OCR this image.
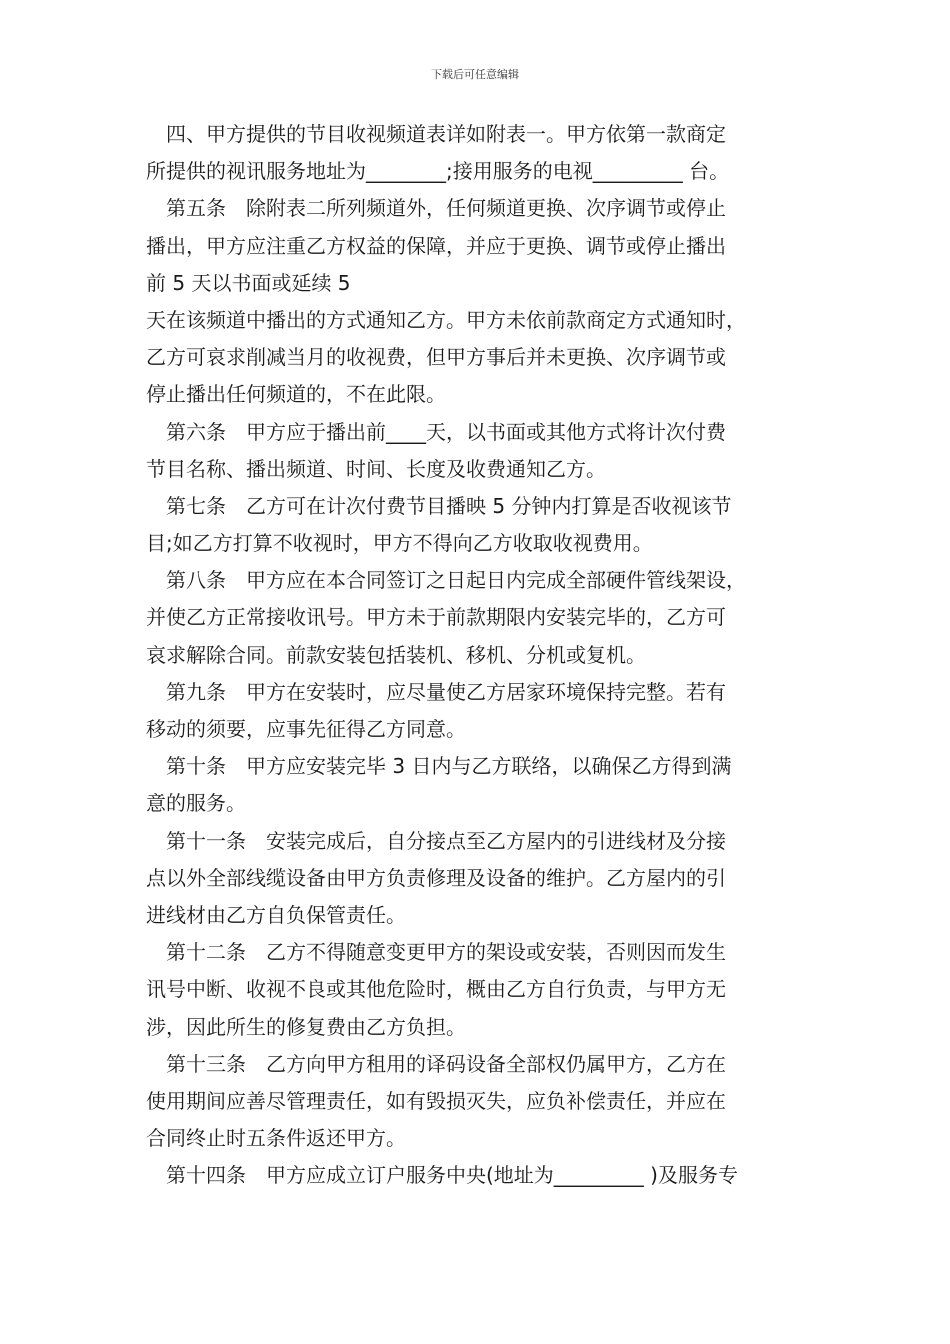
下载后可任意编辑
　四、甲方提供的节目收视频道表详如附表一。甲方依第一款商定
所提供的视讯服务地址为________;接用服务的电视_________ 台。
　第五条　除附表二所列频道外，任何频道更换、次序调节或停止
播出，甲方应注重乙方权益的保障，并应于更换、调节或停止播出
前 5 天以书面或延续 5
天在该频道中播出的方式通知乙方。甲方未依前款商定方式通知时，
乙方可哀求削减当月的收视费，但甲方事后并未更换、次序调节或
停止播出任何频道的，不在此限。
　第六条　甲方应于播出前____天，以书面或其他方式将计次付费
节目名称、播出频道、时间、长度及收费通知乙方。
　第七条　乙方可在计次付费节目播映 5 分钟内打算是否收视该节
目;如乙方打算不收视时，甲方不得向乙方收取收视费用。
　第八条　甲方应在本合同签订之日起日内完成全部硬件管线架设，
并使乙方正常接收讯号。甲方未于前款期限内安装完毕的，乙方可
哀求解除合同。前款安装包括装机、移机、分机或复机。
　第九条　甲方在安装时，应尽量使乙方居家环境保持完整。若有
移动的须要，应事先征得乙方同意。
　第十条　甲方应安装完毕 3 日内与乙方联络，以确保乙方得到满
意的服务。
　第十一条　安装完成后，自分接点至乙方屋内的引进线材及分接
点以外全部线缆设备由甲方负责修理及设备的维护。乙方屋内的引
进线材由乙方自负保管责任。
　第十二条　乙方不得随意变更甲方的架设或安装，否则因而发生
讯号中断、收视不良或其他危险时，概由乙方自行负责，与甲方无
涉，因此所生的修复费由乙方负担。
　第十三条　乙方向甲方租用的译码设备全部权仍属甲方，乙方在
使用期间应善尽管理责任，如有毁损灭失，应负补偿责任，并应在
合同终止时五条件返还甲方。
　第十四条　甲方应成立订户服务中央(地址为_________ )及服务专
